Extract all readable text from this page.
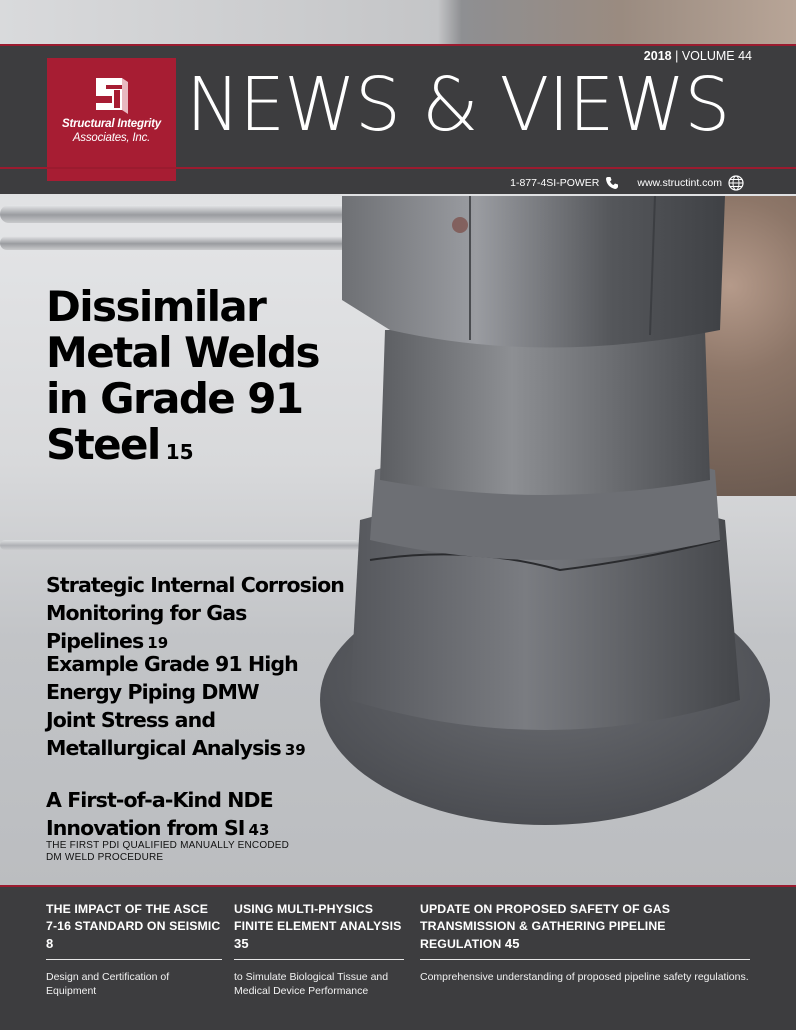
Structural Integrity
Associates, Inc.
2018 | VOLUME 44
NEWS & VIEWS
1-877-4SI-POWER	www.structint.com
Dissimilar Metal Welds in Grade 91 Steel 15
Strategic Internal Corrosion Monitoring for Gas Pipelines 19
Example Grade 91 High Energy Piping DMW Joint Stress and Metallurgical Analysis 39
A First-of-a-Kind NDE Innovation from SI 43
THE FIRST PDI QUALIFIED MANUALLY ENCODED DM WELD PROCEDURE
THE IMPACT OF THE ASCE 7-16 STANDARD ON SEISMIC 8
Design and Certification of Equipment
USING MULTI-PHYSICS FINITE ELEMENT ANALYSIS 35
to Simulate Biological Tissue and Medical Device Performance
UPDATE ON PROPOSED SAFETY OF GAS TRANSMISSION & GATHERING PIPELINE REGULATION 45
Comprehensive understanding of proposed pipeline safety regulations.
